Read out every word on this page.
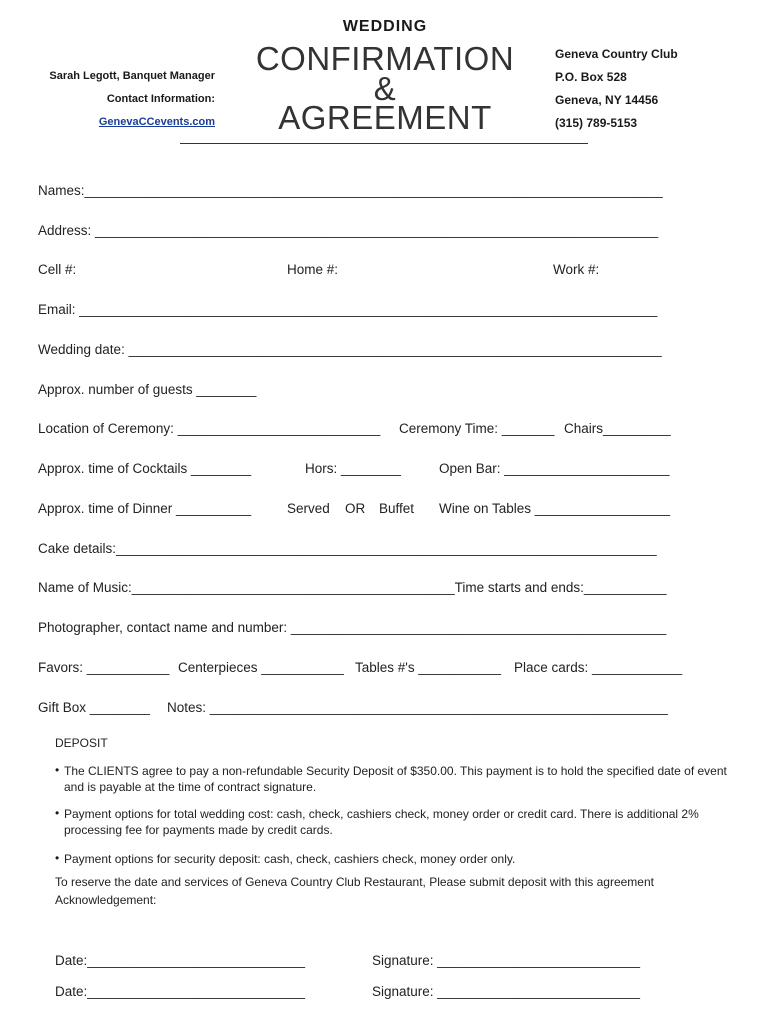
WEDDING
CONFIRMATION
&
AGREEMENT
Sarah Legott, Banquet Manager
Contact Information:
GenevaCCevents.com
Geneva Country Club
P.O. Box 528
Geneva, NY 14456
(315) 789-5153
Names:_____________________________________________________________________________
Address: ___________________________________________________________________________
Cell #:	Home #:	Work #:
Email: _____________________________________________________________________________
Wedding date: _______________________________________________________________________
Approx. number of guests ________
Location of Ceremony: ___________________________ Ceremony Time: _______ Chairs_________
Approx. time of Cocktails ________	Hors: ________	Open Bar: ______________________
Approx. time of Dinner __________	Served OR Buffet Wine on Tables __________________
Cake details:________________________________________________________________________
Name of Music:___________________________________________Time starts and ends:___________
Photographer, contact name and number: __________________________________________________
Favors: ___________ Centerpieces ___________ Tables #'s ___________ Place cards: ____________
Gift Box ________ Notes: _____________________________________________________________
DEPOSIT
• The CLIENTS agree to pay a non-refundable Security Deposit of $350.00. This payment is to hold the specified date of event and is payable at the time of contract signature.
• Payment options for total wedding cost: cash, check, cashiers check, money order or credit card. There is additional 2% processing fee for payments made by credit cards.
• Payment options for security deposit: cash, check, cashiers check, money order only.
To reserve the date and services of Geneva Country Club Restaurant, Please submit deposit with this agreement
Acknowledgement:
Date:_____________________________	Signature: ___________________________
Date:_____________________________	Signature: ___________________________
